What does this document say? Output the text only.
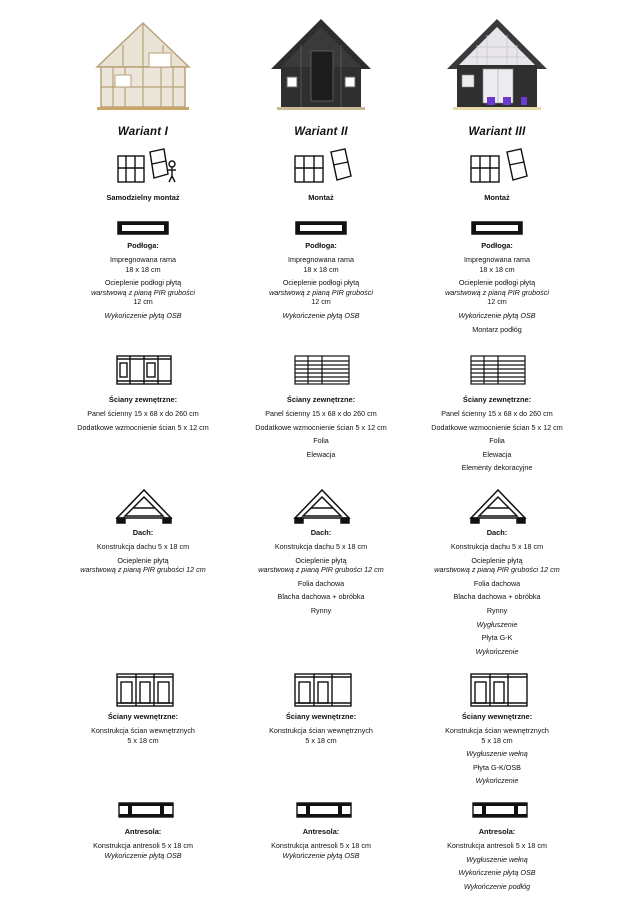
Wariant I
Samodzielny montaż
Podłoga:
Impregnowana rama
18 x 18 cm
Ocieplenie podłogi płytą
warstwową z pianą PIR grubości
12 cm
Wykończenie płytą OSB
Ściany zewnętrzne:
Panel ścienny 15 x 68 x do 260 cm
Dodatkowe wzmocnienie ścian 5 x 12 cm
Dach:
Konstrukcja dachu 5 x 18 cm
Ocieplenie płytą
warstwową z pianą PIR grubości 12 cm
Ściany wewnętrzne:
Konstrukcja ścian wewnętrznych
5 x 18 cm
Antresola:
Konstrukcja antresoli 5 x 18 cm
Wykończenie płytą OSB
Wariant II
Montaż
Podłoga:
Impregnowana rama
18 x 18 cm
Ocieplenie podłogi płytą
warstwową z pianą PIR grubości
12 cm
Wykończenie płytą OSB
Ściany zewnętrzne:
Panel ścienny 15 x 68 x do 260 cm
Dodatkowe wzmocnienie ścian 5 x 12 cm
Folia
Elewacja
Dach:
Konstrukcja dachu 5 x 18 cm
Ocieplenie płytą
warstwową z pianą PIR grubości 12 cm
Folia dachowa
Blacha dachowa + obróbka
Rynny
Ściany wewnętrzne:
Konstrukcja ścian wewnętrznych
5 x 18 cm
Antresola:
Konstrukcja antresoli 5 x 18 cm
Wykończenie płytą OSB
Wariant III
Montaż
Podłoga:
Impregnowana rama
18 x 18 cm
Ocieplenie podłogi płytą
warstwową z pianą PIR grubości
12 cm
Wykończenie płytą OSB
Montarz podłóg
Ściany zewnętrzne:
Panel ścienny 15 x 68 x do 260 cm
Dodatkowe wzmocnienie ścian 5 x 12 cm
Folia
Elewacja
Elementy dekoracyjne
Dach:
Konstrukcja dachu 5 x 18 cm
Ocieplenie płytą
warstwową z pianą PIR grubości 12 cm
Folia dachowa
Blacha dachowa + obróbka
Rynny
Wygłuszenie
Płyta G-K
Wykończenie
Ściany wewnętrzne:
Konstrukcja ścian wewnętrznych
5 x 18 cm
Wygłuszenie wełną
Płyta G-K/OSB
Wykończenie
Antresola:
Konstrukcja antresoli 5 x 18 cm
Wygłuszenie wełną
Wykończenie płytą OSB
Wykończenie podłóg
